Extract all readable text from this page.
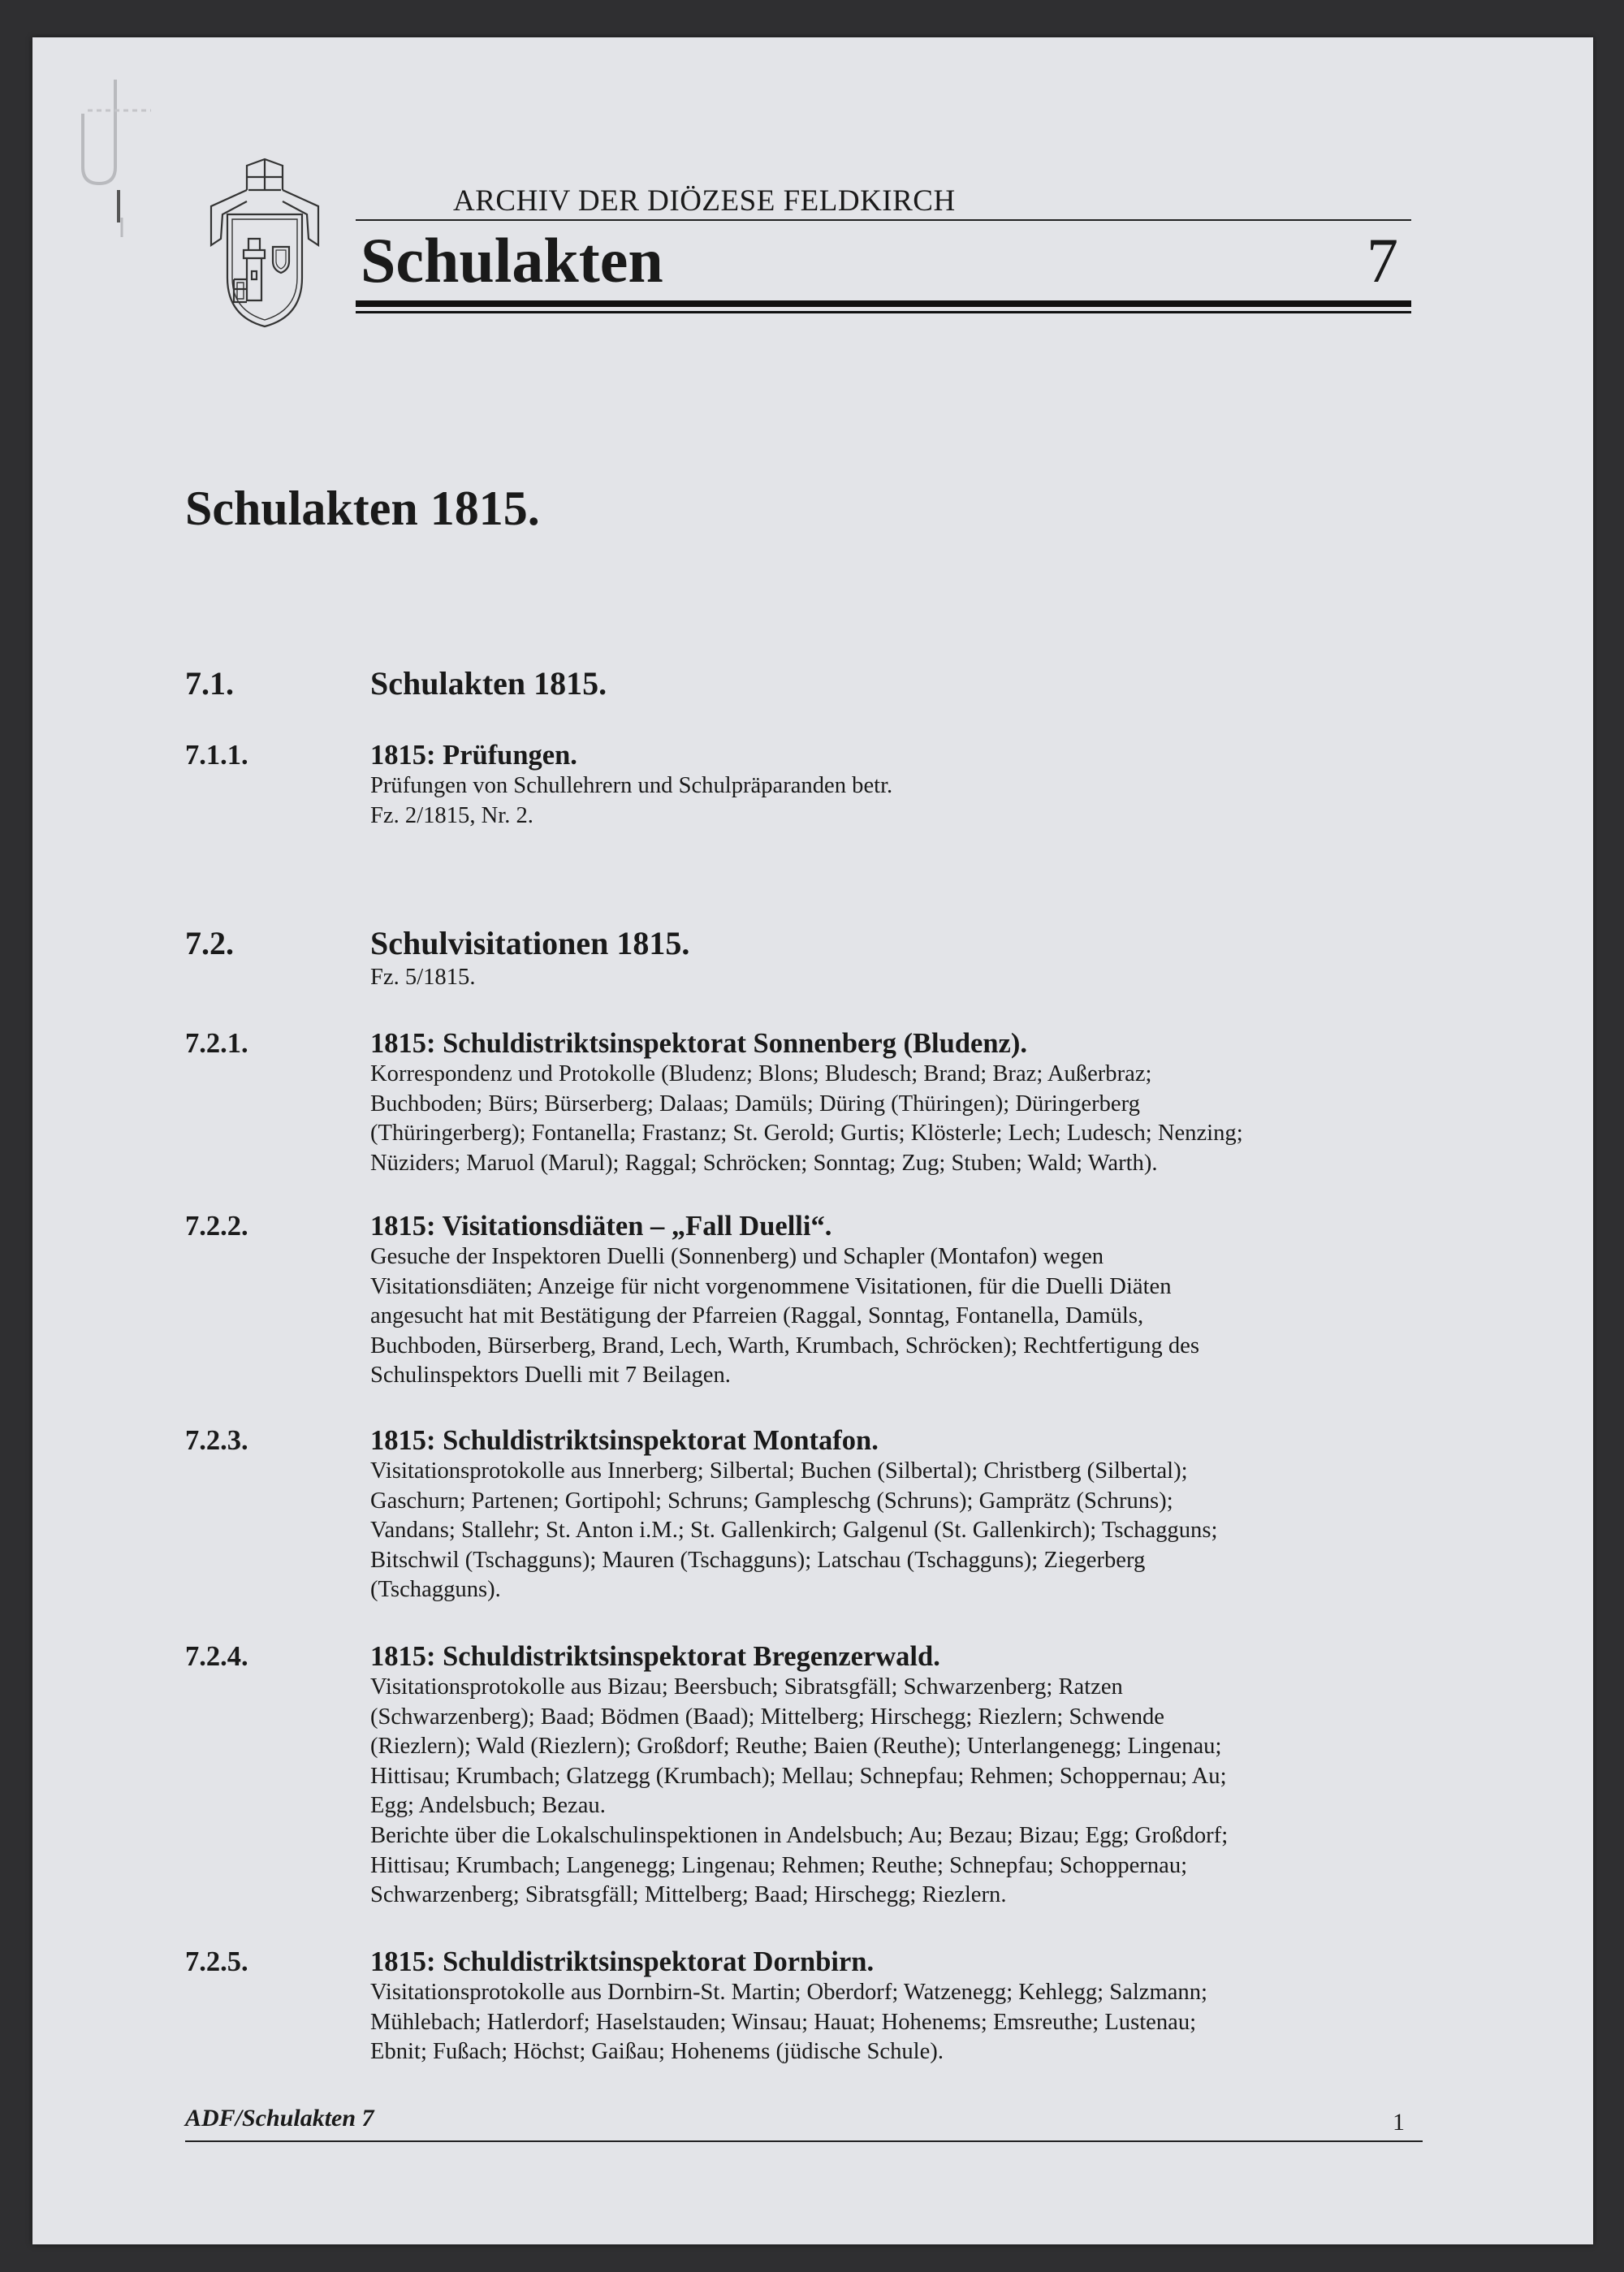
ARCHIV DER DIÖZESE FELDKIRCH
Schulakten	7
Schulakten 1815.
7.1.	Schulakten 1815.
7.1.1.	1815: Prüfungen.
Prüfungen von Schullehrern und Schulpräparanden betr.
Fz. 2/1815, Nr. 2.
7.2.	Schulvisitationen 1815.
Fz. 5/1815.
7.2.1.	1815: Schuldistriktsinspektorat Sonnenberg (Bludenz).
Korrespondenz und Protokolle (Bludenz; Blons; Bludesch; Brand; Braz; Außerbraz;
Buchboden; Bürs; Bürserberg; Dalaas; Damüls; Düring (Thüringen); Düringerberg
(Thüringerberg); Fontanella; Frastanz; St. Gerold; Gurtis; Klösterle; Lech; Ludesch; Nenzing;
Nüziders; Maruol (Marul); Raggal; Schröcken; Sonntag; Zug; Stuben; Wald; Warth).
7.2.2.	1815: Visitationsdiäten – „Fall Duelli“.
Gesuche der Inspektoren Duelli (Sonnenberg) und Schapler (Montafon) wegen
Visitationsdiäten; Anzeige für nicht vorgenommene Visitationen, für die Duelli Diäten
angesucht hat mit Bestätigung der Pfarreien (Raggal, Sonntag, Fontanella, Damüls,
Buchboden, Bürserberg, Brand, Lech, Warth, Krumbach, Schröcken); Rechtfertigung des
Schulinspektors Duelli mit 7 Beilagen.
7.2.3.	1815: Schuldistriktsinspektorat Montafon.
Visitationsprotokolle aus Innerberg; Silbertal; Buchen (Silbertal); Christberg (Silbertal);
Gaschurn; Partenen; Gortipohl; Schruns; Gampleschg (Schruns); Gamprätz (Schruns);
Vandans; Stallehr; St. Anton i.M.; St. Gallenkirch; Galgenul (St. Gallenkirch); Tschagguns;
Bitschwil (Tschagguns); Mauren (Tschagguns); Latschau (Tschagguns); Ziegerberg
(Tschagguns).
7.2.4.	1815: Schuldistriktsinspektorat Bregenzerwald.
Visitationsprotokolle aus Bizau; Beersbuch; Sibratsgfäll; Schwarzenberg; Ratzen
(Schwarzenberg); Baad; Bödmen (Baad); Mittelberg; Hirschegg; Riezlern; Schwende
(Riezlern); Wald (Riezlern); Großdorf; Reuthe; Baien (Reuthe); Unterlangenegg; Lingenau;
Hittisau; Krumbach; Glatzegg (Krumbach); Mellau; Schnepfau; Rehmen; Schoppernau; Au;
Egg; Andelsbuch; Bezau.
Berichte über die Lokalschulinspektionen in Andelsbuch; Au; Bezau; Bizau; Egg; Großdorf;
Hittisau; Krumbach; Langenegg; Lingenau; Rehmen; Reuthe; Schnepfau; Schoppernau;
Schwarzenberg; Sibratsgfäll; Mittelberg; Baad; Hirschegg; Riezlern.
7.2.5.	1815: Schuldistriktsinspektorat Dornbirn.
Visitationsprotokolle aus Dornbirn-St. Martin; Oberdorf; Watzenegg; Kehlegg; Salzmann;
Mühlebach; Hatlerdorf; Haselstauden; Winsau; Hauat; Hohenems; Emsreuthe; Lustenau;
Ebnit; Fußach; Höchst; Gaißau; Hohenems (jüdische Schule).
ADF/Schulakten 7	1
